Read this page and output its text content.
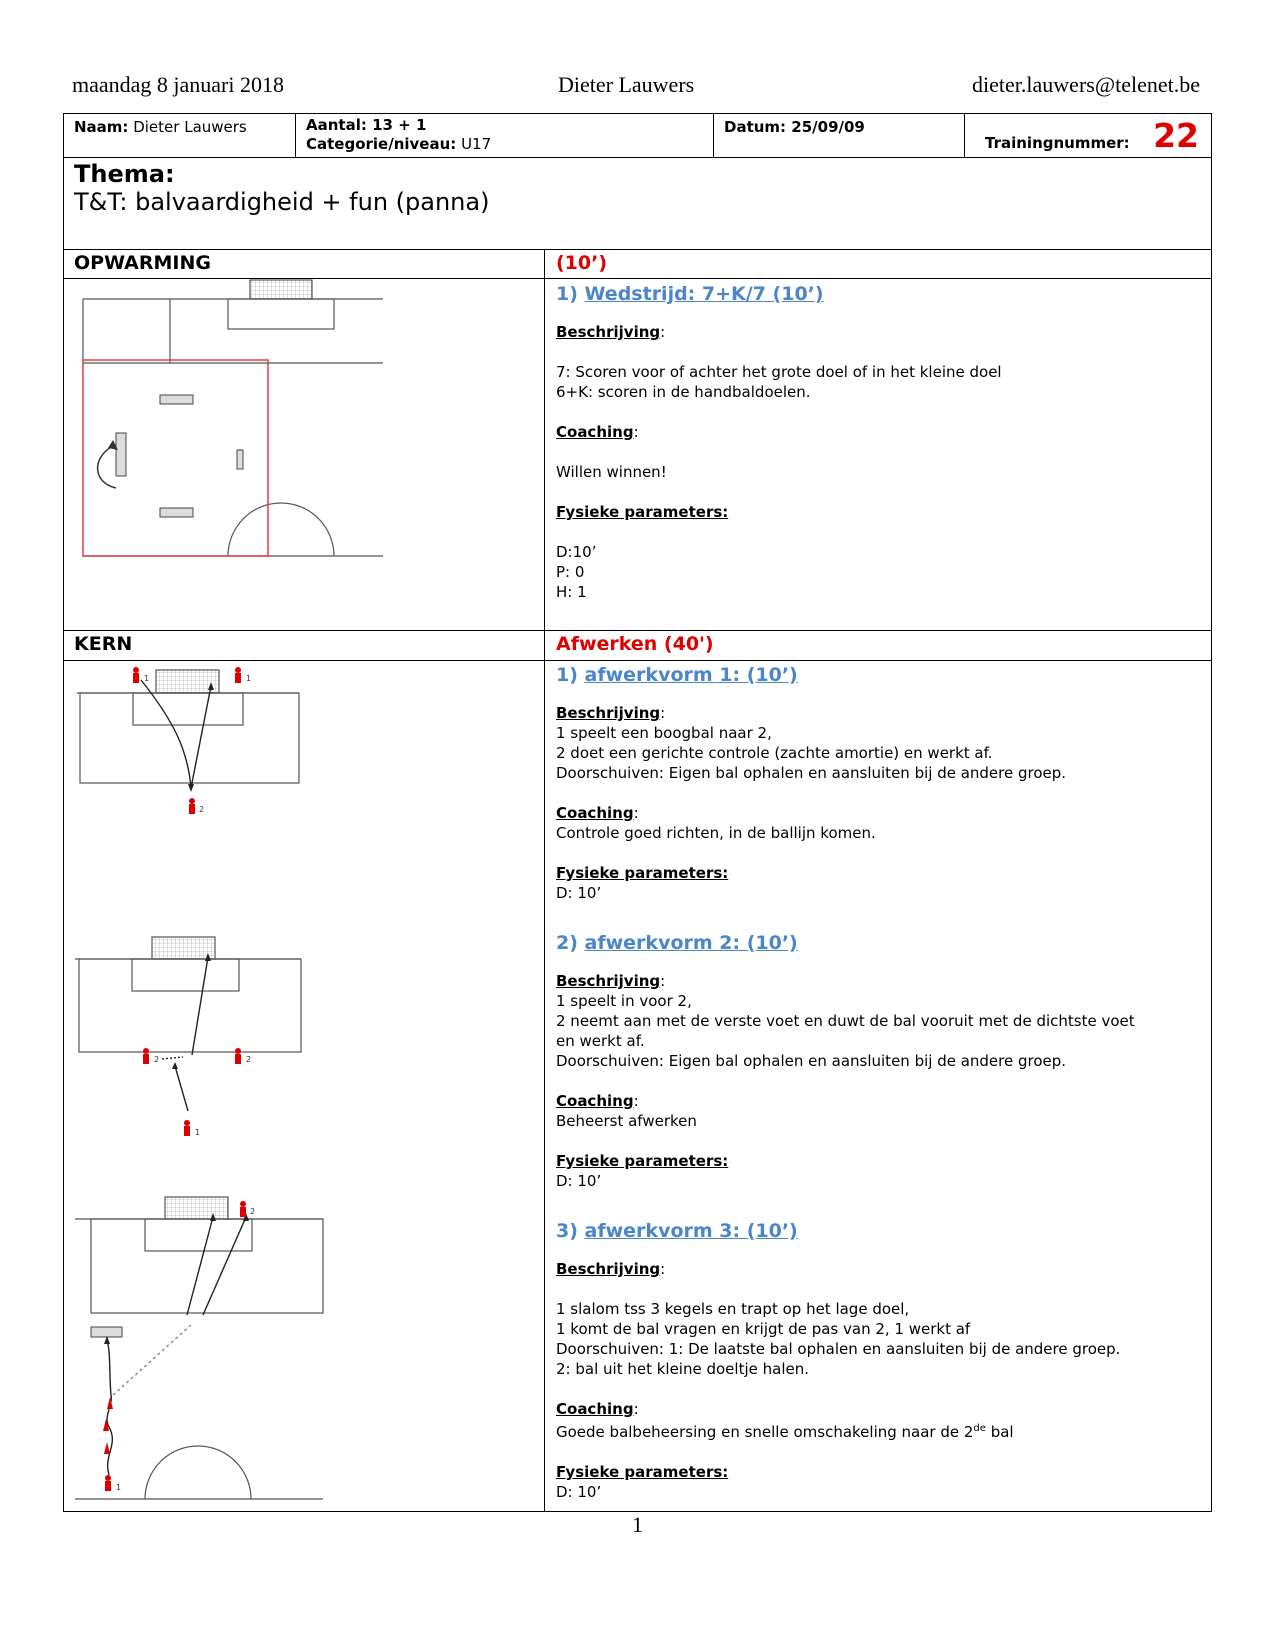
maandag 8 januari 2018	Dieter Lauwers	dieter.lauwers@telenet.be
Naam: Dieter Lauwers	Aantal: 13 + 1
Categorie/niveau: U17
Datum: 25/09/09
Trainingnummer: 22
Thema:
T&T: balvaardigheid + fun (panna)
OPWARMING	(10’)
1) Wedstrijd: 7+K/7 (10’)

Beschrijving:

7: Scoren voor of achter het grote doel of in het kleine doel

6+K: scoren in de handbaldoelen.

Coaching:

Willen winnen!

Fysieke parameters:

D:10’

P: 0

H: 1

KERN	Afwerken (40')
1	1
2
2	2
1
2
1
1) afwerkvorm 1: (10’)

Beschrijving:

1 speelt een boogbal naar 2,

2 doet een gerichte controle (zachte amortie) en werkt af.

Doorschuiven: Eigen bal ophalen en aansluiten bij de andere groep.

Coaching:

Controle goed richten, in de ballijn komen.

Fysieke parameters:

D: 10’

2) afwerkvorm 2: (10’)

Beschrijving:

1 speelt in voor 2,

2 neemt aan met de verste voet en duwt de bal vooruit met de dichtste voet

en werkt af.

Doorschuiven: Eigen bal ophalen en aansluiten bij de andere groep.

Coaching:

Beheerst afwerken

Fysieke parameters:

D: 10’

3) afwerkvorm 3: (10’)

Beschrijving:

1 slalom tss 3 kegels en trapt op het lage doel,

1 komt de bal vragen en krijgt de pas van 2, 1 werkt af

Doorschuiven: 1: De laatste bal ophalen en aansluiten bij de andere groep.

2: bal uit het kleine doeltje halen.

Coaching:

Goede balbeheersing en snelle omschakeling naar de 2de bal

Fysieke parameters:

D: 10’

1
